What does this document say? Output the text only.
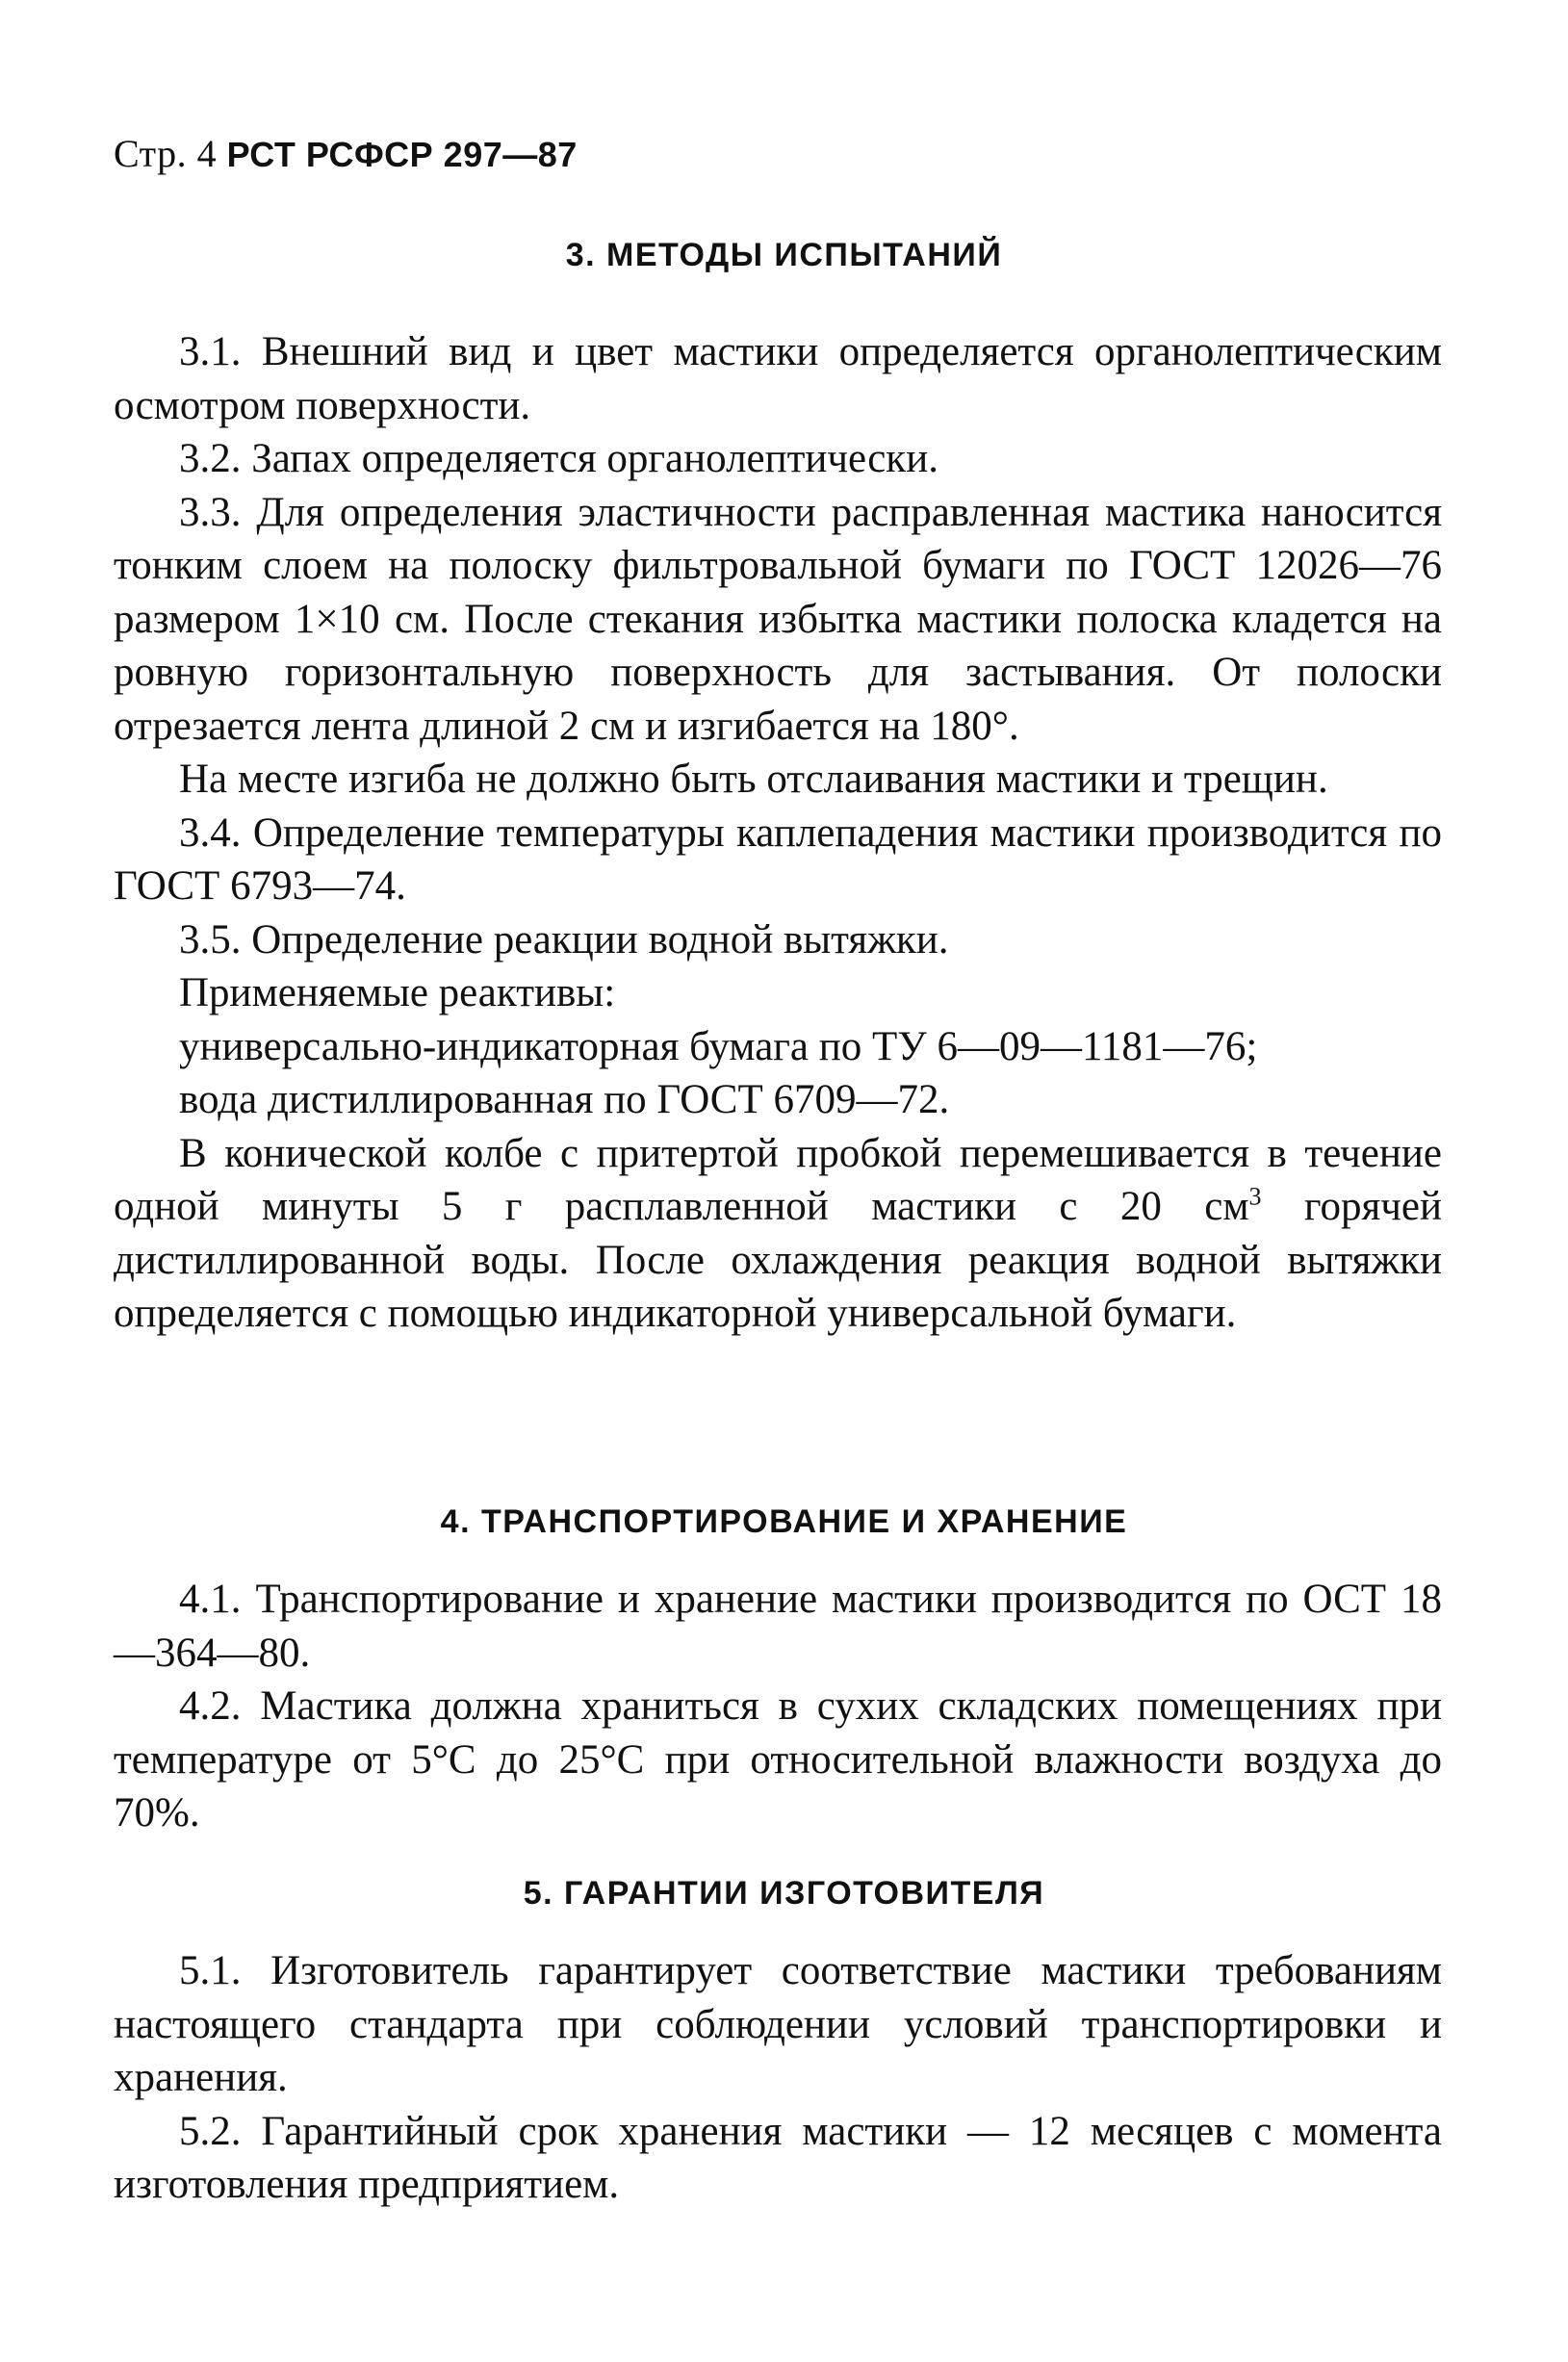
Стр. 4 РСТ РСФСР 297—87
3. МЕТОДЫ ИСПЫТАНИЙ

3.1. Внешний вид и цвет мастики определяется органолептическим осмотром поверхности.

3.2. Запах определяется органолептически.

3.3. Для определения эластичности расправленная мастика наносится тонким слоем на полоску фильтровальной бумаги по ГОСТ 12026—76 размером 1×10 см. После стекания избытка мастики полоска кладется на ровную горизонтальную поверхность для застывания. От полоски отрезается лента длиной 2 см и изгибается на 180°.

На месте изгиба не должно быть отслаивания мастики и трещин.

3.4. Определение температуры каплепадения мастики производится по ГОСТ 6793—74.

3.5. Определение реакции водной вытяжки.

Применяемые реактивы:

универсально-индикаторная бумага по ТУ 6—09—1181—76;

вода дистиллированная по ГОСТ 6709—72.

В конической колбе с притертой пробкой перемешивается в течение одной минуты 5 г расплавленной мастики с 20 $см^3$ горячей дистиллированной воды. После охлаждения реакция водной вытяжки определяется с помощью индикаторной универсальной бумаги.

4. ТРАНСПОРТИРОВАНИЕ И ХРАНЕНИЕ

4.1. Транспортирование и хранение мастики производится по ОСТ 18—364—80.

4.2. Мастика должна храниться в сухих складских помещениях при температуре от 5°С до 25°С при относительной влажности воздуха до 70%.

5. ГАРАНТИИ ИЗГОТОВИТЕЛЯ

5.1. Изготовитель гарантирует соответствие мастики требованиям настоящего стандарта при соблюдении условий транспортировки и хранения.

5.2. Гарантийный срок хранения мастики — 12 месяцев с момента изготовления предприятием.
